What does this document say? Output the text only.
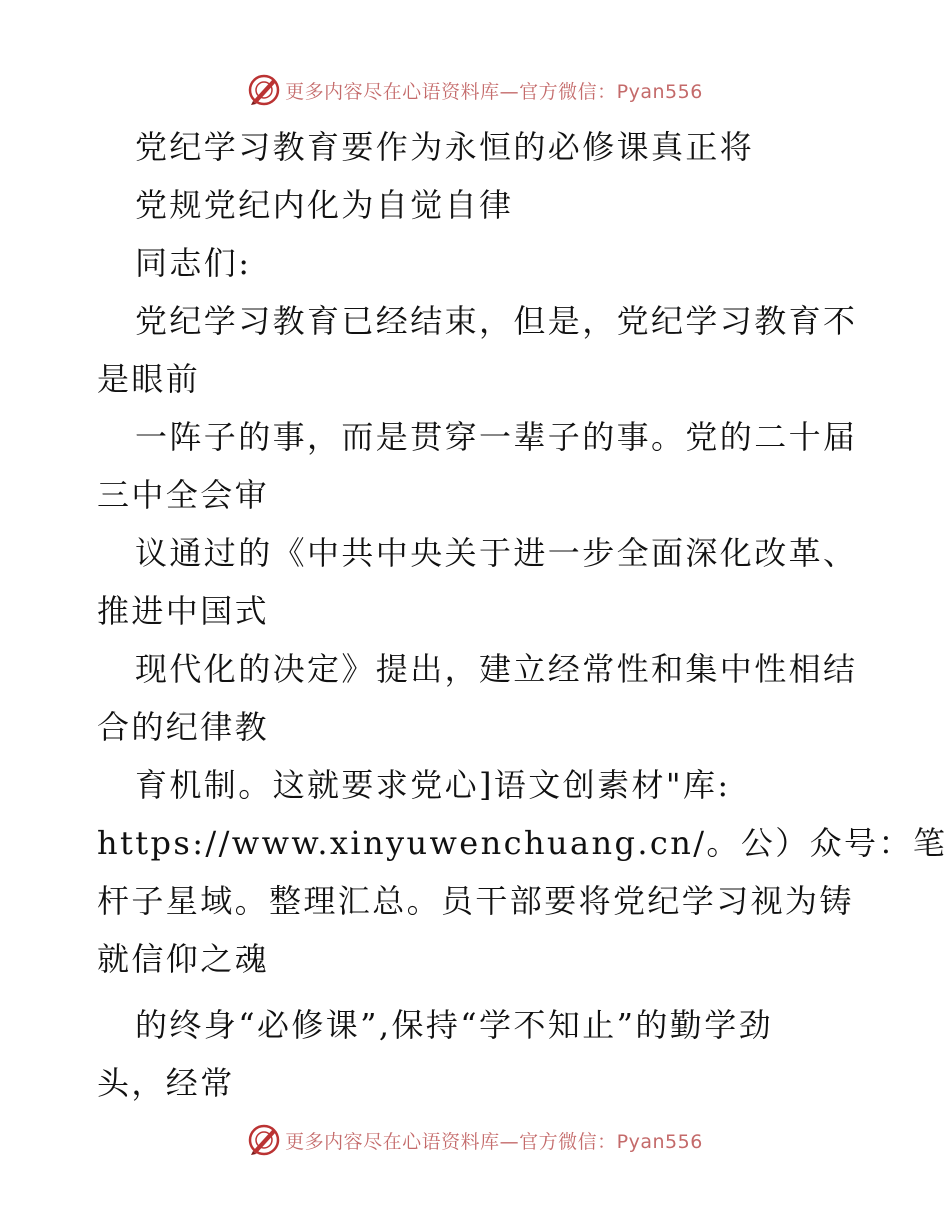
更多内容尽在心语资料库—官方微信：Pyan556
党纪学习教育要作为永恒的必修课真正将
党规党纪内化为自觉自律
同志们:
党纪学习教育已经结束，但是，党纪学习教育不
是眼前
一阵子的事，而是贯穿一辈子的事。党的二十届
三中全会审
议通过的《中共中央关于进一步全面深化改革、
推进中国式
现代化的决定》提出，建立经常性和集中性相结
合的纪律教
育机制。这就要求党心]语文创素材"库:
https://www.xinyuwenchuang.cn/。公）众号：笔
杆子星域。整理汇总。员干部要将党纪学习视为铸
就信仰之魂
的终身“必修课”,保持“学不知止”的勤学劲
头，经常
更多内容尽在心语资料库—官方微信：Pyan556
